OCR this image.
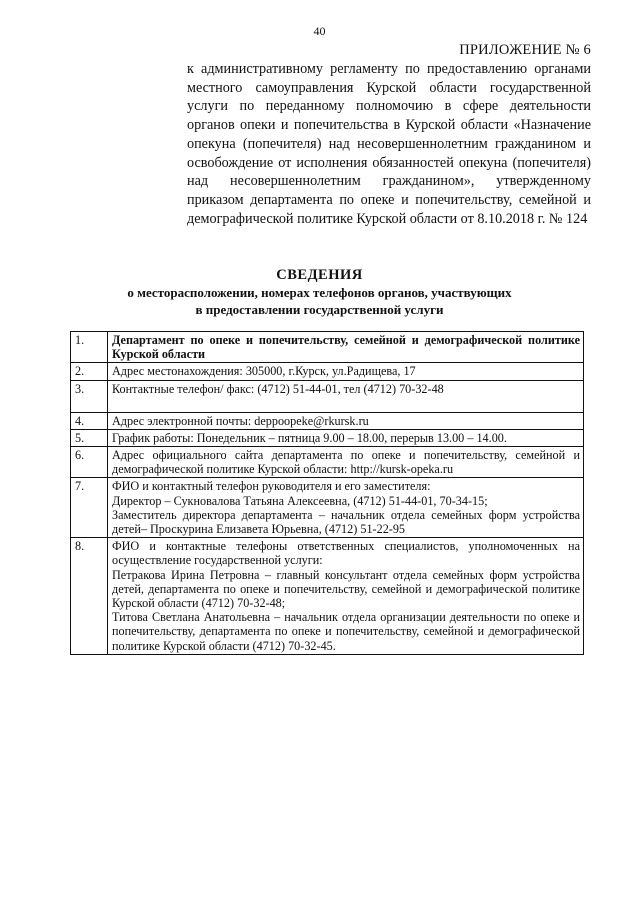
40
ПРИЛОЖЕНИЕ № 6
к административному регламенту по предоставлению органами местного самоуправления Курской области государственной услуги по переданному полномочию в сфере деятельности органов опеки и попечительства в Курской области «Назначение опекуна (попечителя) над несовершеннолетним гражданином и освобождение от исполнения обязанностей опекуна (попечителя) над несовершеннолетним гражданином», утвержденному приказом департамента по опеке и попечительству, семейной и демографической политике Курской области от 8.10.2018 г. № 124
СВЕДЕНИЯ
о месторасположении, номерах телефонов органов, участвующих
в предоставлении государственной услуги
1.	Департамент по опеке и попечительству, семейной и демографической политике Курской области
2.	Адрес местонахождения: 305000, г.Курск, ул.Радищева, 17
3.	Контактные телефон/ факс: (4712) 51-44-01, тел (4712) 70-32-48
4.	Адрес электронной почты: deppoopeke@rkursk.ru
5.	График работы: Понедельник – пятница 9.00 – 18.00, перерыв 13.00 – 14.00.
6.	Адрес официального сайта департамента по опеке и попечительству, семейной и демографической политике Курской области: http://kursk-opeka.ru
7.	ФИО и контактный телефон руководителя и его заместителя:
Директор – Сукновалова Татьяна Алексеевна, (4712) 51-44-01, 70-34-15;
Заместитель директора департамента – начальник отдела семейных форм устройства детей– Проскурина Елизавета Юрьевна, (4712) 51-22-95

8.	ФИО и контактные телефоны ответственных специалистов, уполномоченных на осуществление государственной услуги:
Петракова Ирина Петровна – главный консультант отдела семейных форм устройства детей, департамента по опеке и попечительству, семейной и демографической политике Курской области (4712) 70-32-48;
Титова Светлана Анатольевна – начальник отдела организации деятельности по опеке и попечительству, департамента по опеке и попечительству, семейной и демографической политике Курской области (4712) 70-32-45.
